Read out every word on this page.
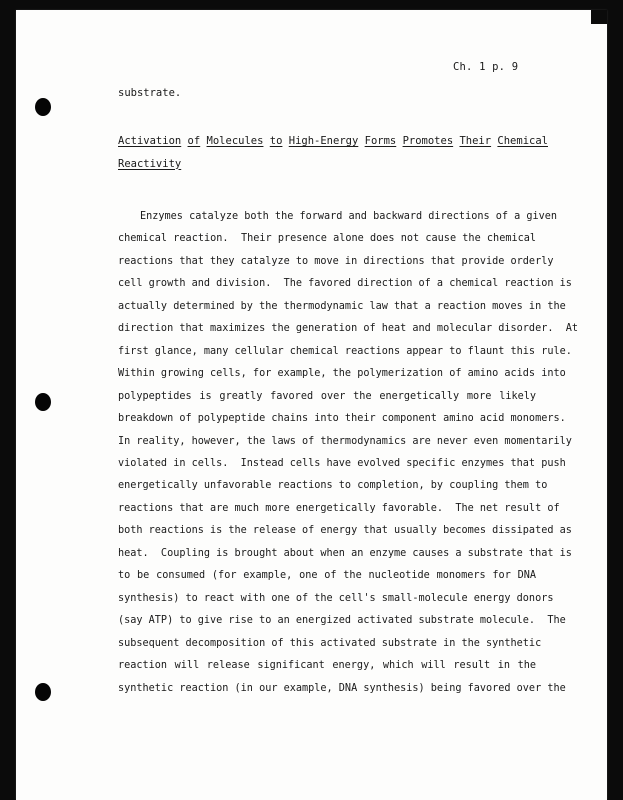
Ch. 1 p. 9
substrate.
Activation of Molecules to High-Energy Forms Promotes Their Chemical
Reactivity
Enzymes catalyze both the forward and backward directions of a given
chemical reaction.  Their presence alone does not cause the chemical
reactions that they catalyze to move in directions that provide orderly
cell growth and division.  The favored direction of a chemical reaction is
actually determined by the thermodynamic law that a reaction moves in the
direction that maximizes the generation of heat and molecular disorder.  At
first glance, many cellular chemical reactions appear to flaunt this rule.
Within growing cells, for example, the polymerization of amino acids into
polypeptides is greatly favored over the energetically more likely
breakdown of polypeptide chains into their component amino acid monomers.
In reality, however, the laws of thermodynamics are never even momentarily
violated in cells.  Instead cells have evolved specific enzymes that push
energetically unfavorable reactions to completion, by coupling them to
reactions that are much more energetically favorable.  The net result of
both reactions is the release of energy that usually becomes dissipated as
heat.  Coupling is brought about when an enzyme causes a substrate that is
to be consumed (for example, one of the nucleotide monomers for DNA
synthesis) to react with one of the cell's small-molecule energy donors
(say ATP) to give rise to an energized activated substrate molecule.  The
subsequent decomposition of this activated substrate in the synthetic
reaction will release significant energy, which will result in the
synthetic reaction (in our example, DNA synthesis) being favored over the
